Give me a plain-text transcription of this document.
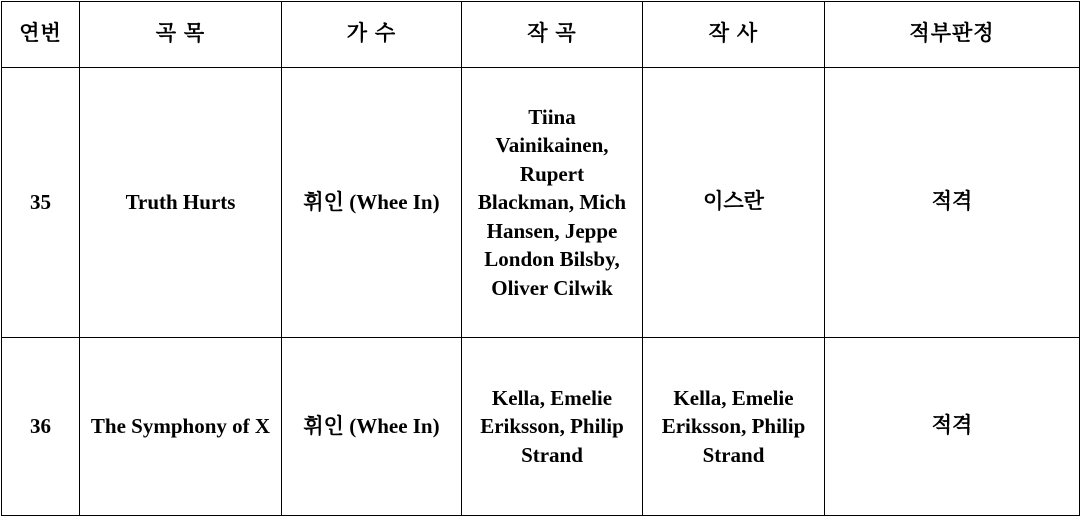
연번	곡 목	가 수	작 곡	작 사	적부판정
35	Truth Hurts	휘인 (Whee In)	Tiina Vainikainen, Rupert Blackman, Mich Hansen, Jeppe London Bilsby, Oliver Cilwik	이스란	적격
36	The Symphony of X	휘인 (Whee In)	Kella, Emelie Eriksson, Philip Strand	Kella, Emelie Eriksson, Philip Strand	적격
